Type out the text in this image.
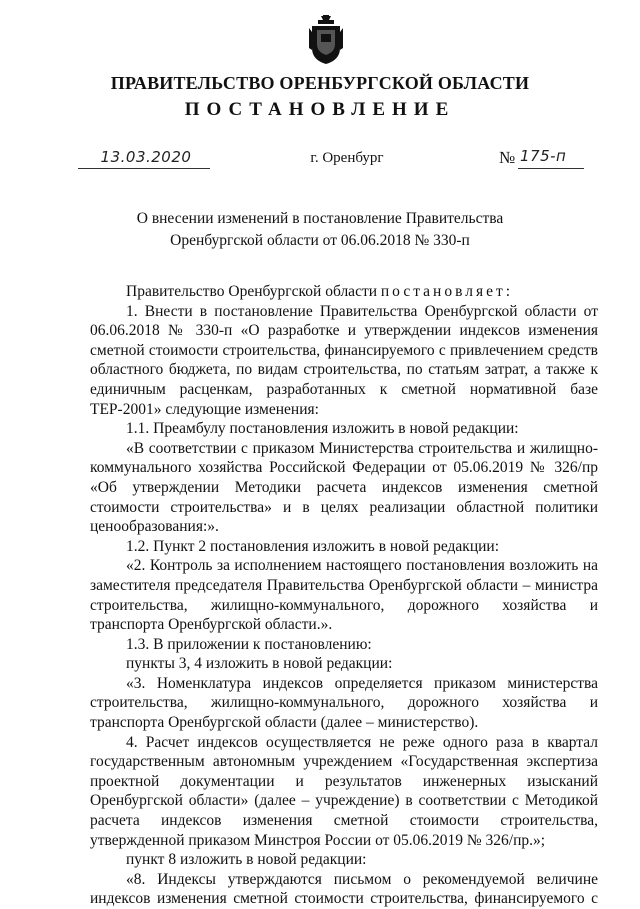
ПРАВИТЕЛЬСТВО ОРЕНБУРГСКОЙ ОБЛАСТИ
ПОСТАНОВЛЕНИЕ
13.03.2020	г. Оренбург	№ 175-п
О внесении изменений в постановление Правительства
Оренбургской области от 06.06.2018 № 330-п

Правительство Оренбургской области постановляет:

1. Внести в постановление Правительства Оренбургской области от 06.06.2018 № 330-п «О разработке и утверждении индексов изменения сметной стоимости строительства, финансируемого с привлечением средств областного бюджета, по видам строительства, по статьям затрат, а также к единичным расценкам, разработанных к сметной нормативной базе ТЕР-2001» следующие изменения:

1.1. Преамбулу постановления изложить в новой редакции:

«В соответствии с приказом Министерства строительства и жилищно-коммунального хозяйства Российской Федерации от 05.06.2019 № 326/пр «Об утверждении Методики расчета индексов изменения сметной стоимости строительства» и в целях реализации областной политики ценообразования:».

1.2. Пункт 2 постановления изложить в новой редакции:

«2. Контроль за исполнением настоящего постановления возложить на заместителя председателя Правительства Оренбургской области – министра строительства, жилищно-коммунального, дорожного хозяйства и транспорта Оренбургской области.».

1.3. В приложении к постановлению:

пункты 3, 4 изложить в новой редакции:

«3. Номенклатура индексов определяется приказом министерства строительства, жилищно-коммунального, дорожного хозяйства и транспорта Оренбургской области (далее – министерство).

4. Расчет индексов осуществляется не реже одного раза в квартал государственным автономным учреждением «Государственная экспертиза проектной документации и результатов инженерных изысканий Оренбургской области» (далее – учреждение) в соответствии с Методикой расчета индексов изменения сметной стоимости строительства, утвержденной приказом Минстроя России от 05.06.2019 № 326/пр.»;

пункт 8 изложить в новой редакции:

«8. Индексы утверждаются письмом о рекомендуемой величине индексов изменения сметной стоимости строительства, финансируемого с
